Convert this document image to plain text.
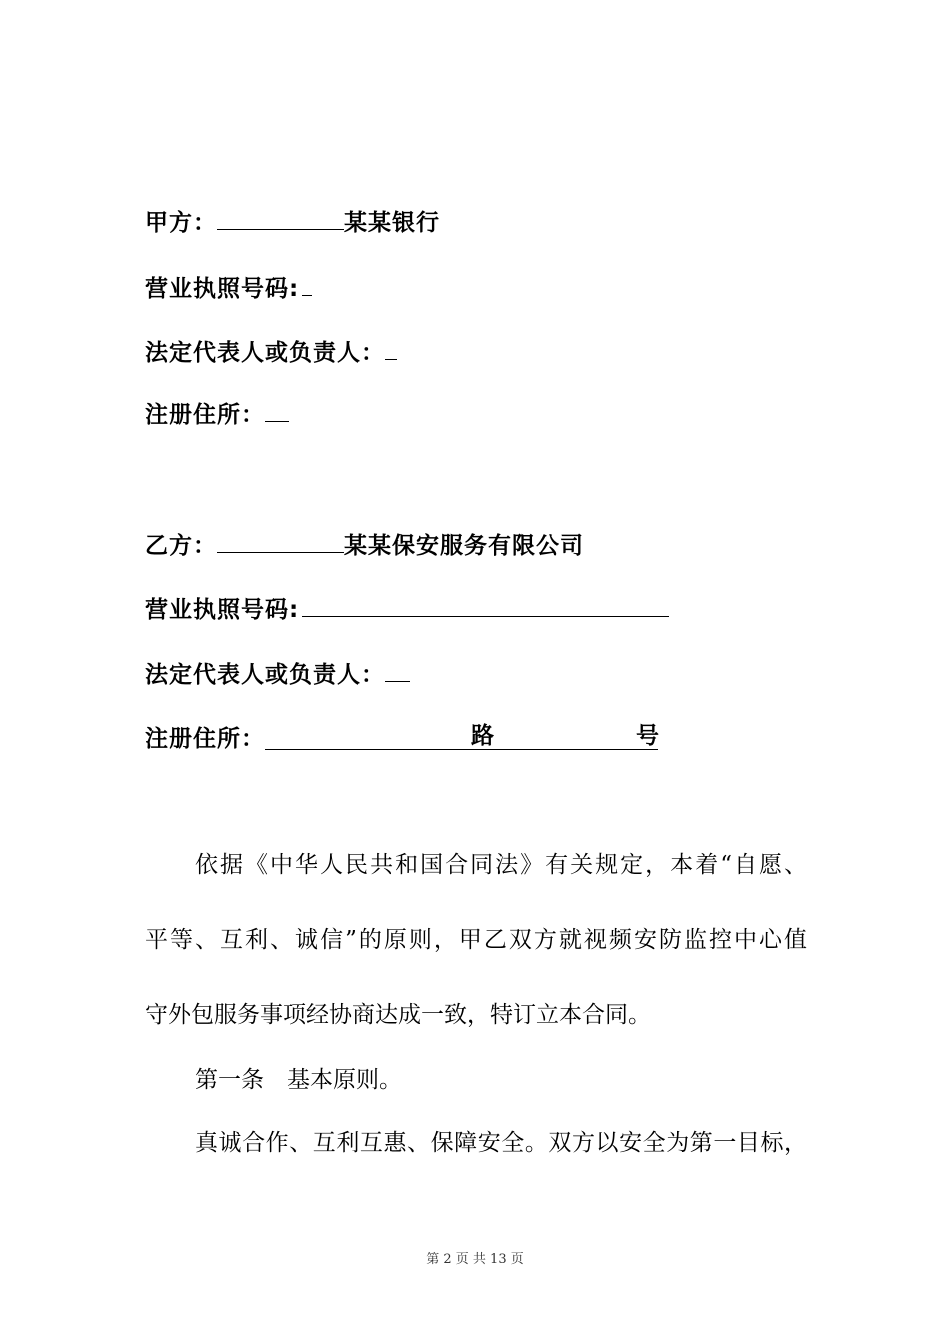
甲方：	某某银行
营业执照号码:
法定代表人或负责人：
注册住所：
乙方：	某某保安服务有限公司
营业执照号码:
法定代表人或负责人：
注册住所：	路	号
依据《中华人民共和国合同法》有关规定，本着“自愿、
平等、互利、诚信”的原则，甲乙双方就视频安防监控中心值
守外包服务事项经协商达成一致，特订立本合同。
第一条　基本原则。
真诚合作、互利互惠、保障安全。双方以安全为第一目标，
第 2 页 共 13 页
